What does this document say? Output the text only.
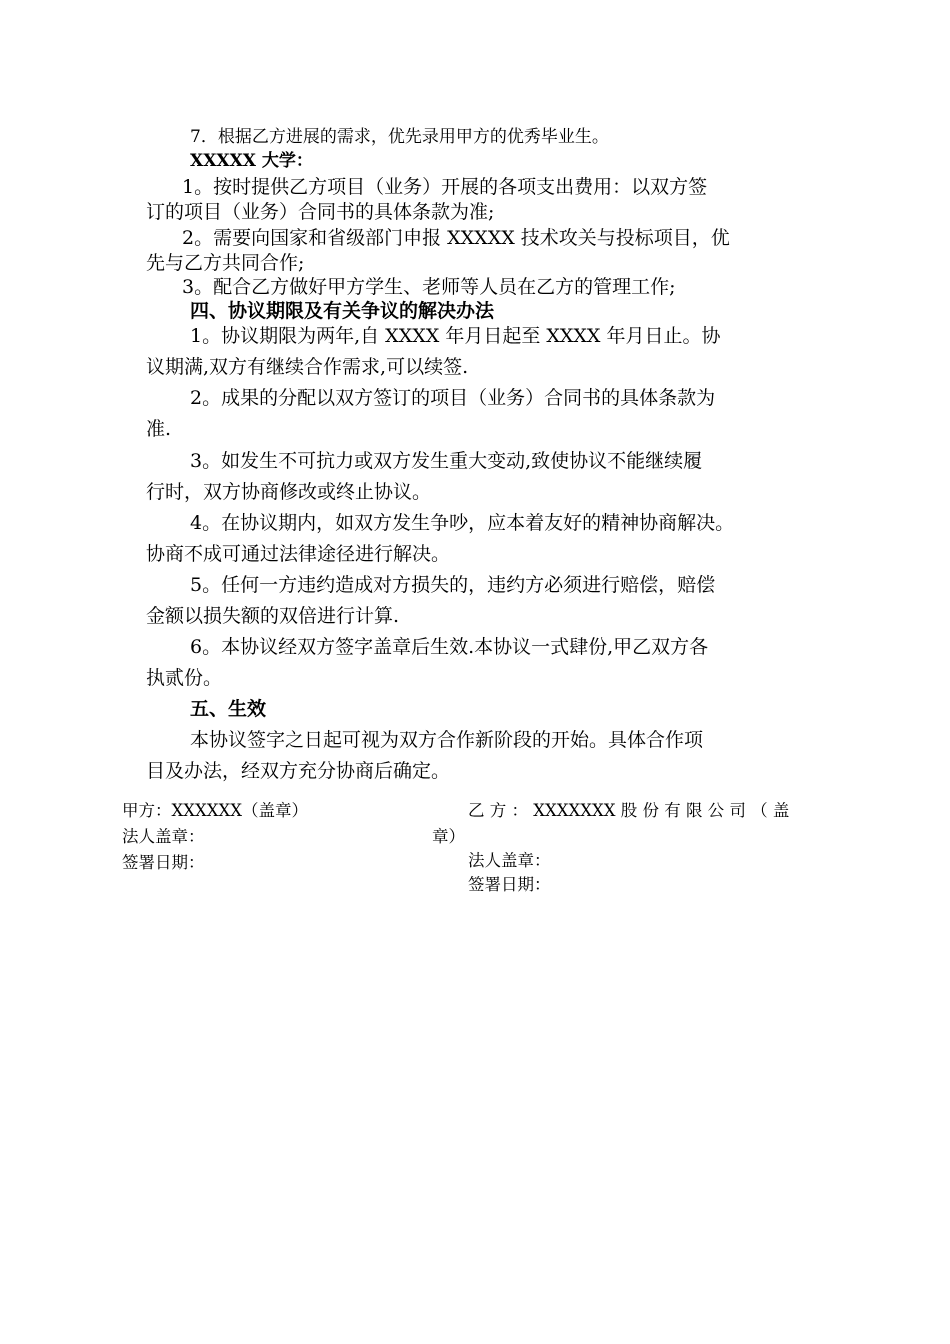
7．根据乙方进展的需求，优先录用甲方的优秀毕业生。
XXXXX 大学：
1。按时提供乙方项目（业务）开展的各项支出费用：以双方签
订的项目（业务）合同书的具体条款为准;
2。需要向国家和省级部门申报 XXXXX 技术攻关与投标项目，优
先与乙方共同合作;
3。配合乙方做好甲方学生、老师等人员在乙方的管理工作;
四、协议期限及有关争议的解决办法
1。协议期限为两年,自 XXXX 年月日起至 XXXX 年月日止。协
议期满,双方有继续合作需求,可以续签.
2。成果的分配以双方签订的项目（业务）合同书的具体条款为
准.
3。如发生不可抗力或双方发生重大变动,致使协议不能继续履
行时，双方协商修改或终止协议。
4。在协议期内，如双方发生争吵，应本着友好的精神协商解决。
协商不成可通过法律途径进行解决。
5。任何一方违约造成对方损失的，违约方必须进行赔偿，赔偿
金额以损失额的双倍进行计算.
6。本协议经双方签字盖章后生效.本协议一式肆份,甲乙双方各
执贰份。
五、生效
本协议签字之日起可视为双方合作新阶段的开始。具体合作项
目及办法，经双方充分协商后确定。
甲方：XXXXXX（盖章）
法人盖章：
签署日期：
乙 方 ： XXXXXXX 股 份 有 限 公 司 （ 盖
章）
法人盖章：
签署日期：
